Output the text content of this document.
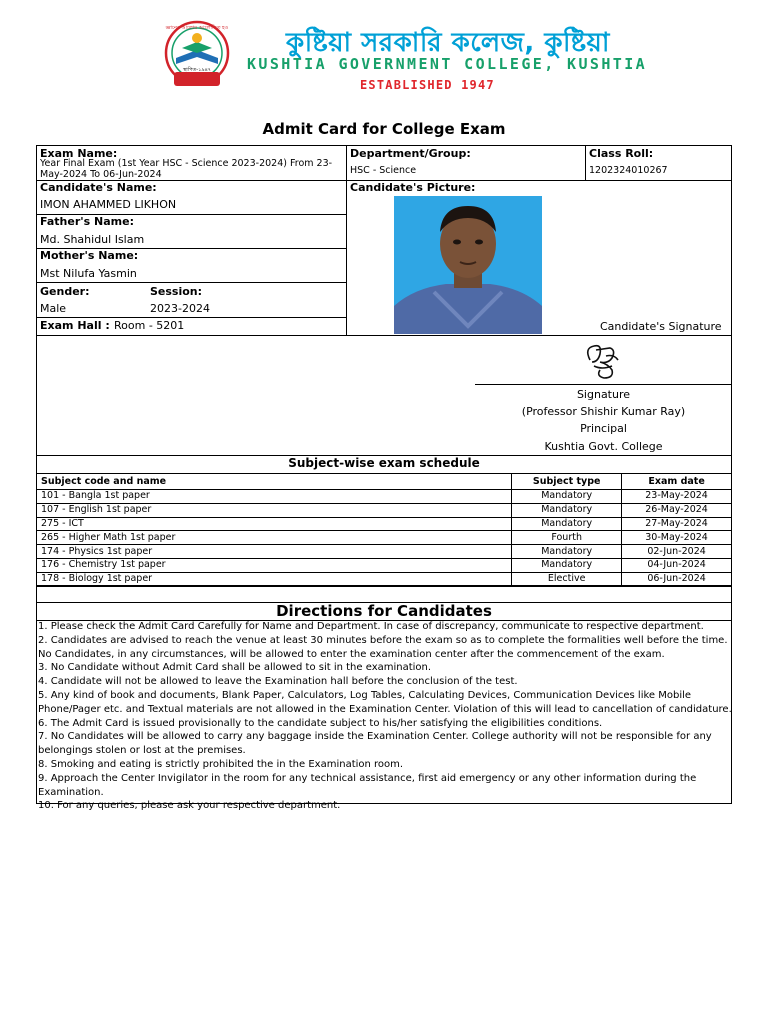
জ্ঞানের আলোয় আলোকিত হও
স্থাপিত-১৯৪৭
কুষ্টিয়া সরকারি কলেজ, কুষ্টিয়া
KUSHTIA GOVERNMENT COLLEGE, KUSHTIA
ESTABLISHED 1947
Admit Card for College Exam
Exam Name:
Year Final Exam (1st Year HSC - Science 2023-2024) From 23-May-2024 To 06-Jun-2024
Department/Group:
HSC - Science
Class Roll:
1202324010267
Candidate's Name:
IMON AHAMMED LIKHON
Father's Name:
Md. Shahidul Islam
Mother's Name:
Mst Nilufa Yasmin
Gender:
Male
Session:
2023-2024
Exam Hall : Room - 5201
Candidate's Picture:
Candidate's Signature
Signature
(Professor Shishir Kumar Ray)
Principal
Kushtia Govt. College
Subject-wise exam schedule
Subject code and name	Subject type	Exam date
101 - Bangla 1st paper	Mandatory	23-May-2024
107 - English 1st paper	Mandatory	26-May-2024
275 - ICT	Mandatory	27-May-2024
265 - Higher Math 1st paper	Fourth	30-May-2024
174 - Physics 1st paper	Mandatory	02-Jun-2024
176 - Chemistry 1st paper	Mandatory	04-Jun-2024
178 - Biology 1st paper	Elective	06-Jun-2024
Directions for Candidates

1. Please check the Admit Card Carefully for Name and Department. In case of discrepancy, communicate to respective department.

2. Candidates are advised to reach the venue at least 30 minutes before the exam so as to complete the formalities well before the time. No Candidates, in any circumstances, will be allowed to enter the examination center after the commencement of the exam.

3. No Candidate without Admit Card shall be allowed to sit in the examination.

4. Candidate will not be allowed to leave the Examination hall before the conclusion of the test.

5. Any kind of book and documents, Blank Paper, Calculators, Log Tables, Calculating Devices, Communication Devices like Mobile Phone/Pager etc. and Textual materials are not allowed in the Examination Center. Violation of this will lead to cancellation of candidature.

6. The Admit Card is issued provisionally to the candidate subject to his/her satisfying the eligibilities conditions.

7. No Candidates will be allowed to carry any baggage inside the Examination Center. College authority will not be responsible for any belongings stolen or lost at the premises.

8. Smoking and eating is strictly prohibited the in the Examination room.

9. Approach the Center Invigilator in the room for any technical assistance, first aid emergency or any other information during the Examination.

10. For any queries, please ask your respective department.
